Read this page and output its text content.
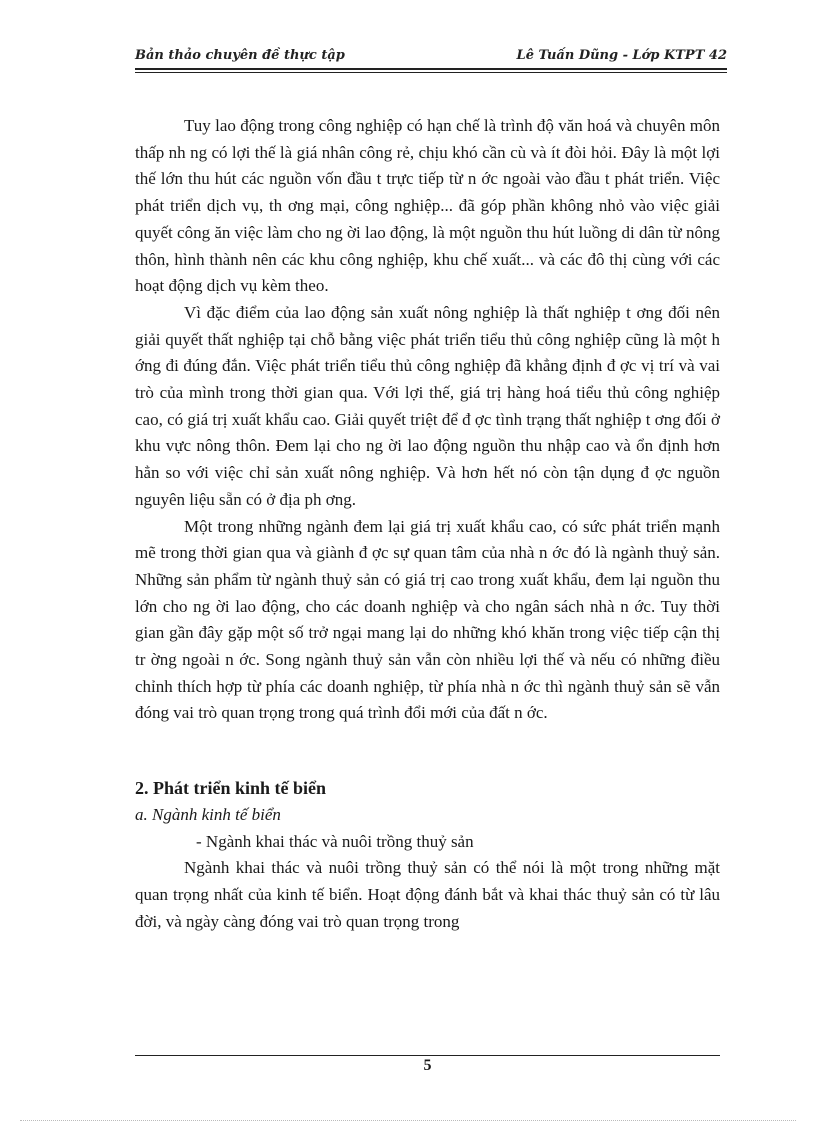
Bản thảo chuyên đề thực tập	Lê Tuấn Dũng - Lớp KTPT 42

Tuy lao động trong công nghiệp có hạn chế là trình độ văn hoá và chuyên môn thấp nh ng có lợi thế là giá nhân công rẻ, chịu khó cần cù và ít đòi hỏi. Đây là một lợi thế lớn thu hút các nguồn vốn đầu t trực tiếp từ n ớc ngoài vào đầu t phát triển. Việc phát triển dịch vụ, th ơng mại, công nghiệp... đã góp phần không nhỏ vào việc giải quyết công ăn việc làm cho ng ời lao động, là một nguồn thu hút luồng di dân từ nông thôn, hình thành nên các khu công nghiệp, khu chế xuất... và các đô thị cùng với các hoạt động dịch vụ kèm theo.

Vì đặc điểm của lao động sản xuất nông nghiệp là thất nghiệp t ơng đối nên giải quyết thất nghiệp tại chỗ bằng việc phát triển tiểu thủ công nghiệp cũng là một h ớng đi đúng đắn. Việc phát triển tiểu thủ công nghiệp đã khẳng định đ ợc vị trí và vai trò của mình trong thời gian qua. Với lợi thế, giá trị hàng hoá tiểu thủ công nghiệp cao, có giá trị xuất khẩu cao. Giải quyết triệt để đ ợc tình trạng thất nghiệp t ơng đối ở khu vực nông thôn. Đem lại cho ng ời lao động nguồn thu nhập cao và ổn định hơn hẳn so với việc chỉ sản xuất nông nghiệp. Và hơn hết nó còn tận dụng đ ợc nguồn nguyên liệu sẵn có ở địa ph ơng.

Một trong những ngành đem lại giá trị xuất khẩu cao, có sức phát triển mạnh mẽ trong thời gian qua và giành đ ợc sự quan tâm của nhà n ớc đó là ngành thuỷ sản. Những sản phẩm từ ngành thuỷ sản có giá trị cao trong xuất khẩu, đem lại nguồn thu lớn cho ng ời lao động, cho các doanh nghiệp và cho ngân sách nhà n ớc. Tuy thời gian gần đây gặp một số trở ngại mang lại do những khó khăn trong việc tiếp cận thị tr ờng ngoài n ớc. Song ngành thuỷ sản vẫn còn nhiều lợi thế và nếu có những điều chỉnh thích hợp từ phía các doanh nghiệp, từ phía nhà n ớc thì ngành thuỷ sản sẽ vẫn đóng vai trò quan trọng trong quá trình đổi mới của đất n ớc.

2. Phát triển kinh tế biển
a. Ngành kinh tế biển

- Ngành khai thác và nuôi trồng thuỷ sản

Ngành khai thác và nuôi trồng thuỷ sản có thể nói là một trong những mặt quan trọng nhất của kinh tế biển. Hoạt động đánh bắt và khai thác thuỷ sản có từ lâu đời, và ngày càng đóng vai trò quan trọng trong

5
